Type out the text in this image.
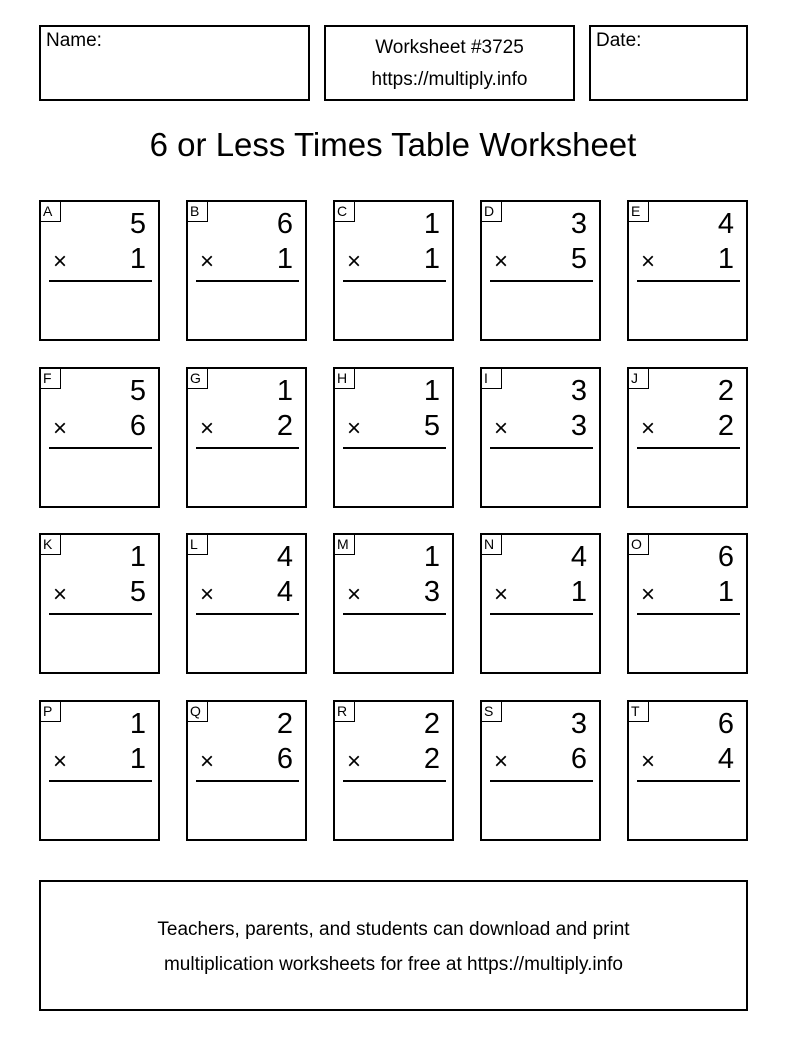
Name:	Worksheet #3725
https://multiply.info
Date:
6 or Less Times Table Worksheet
A	5
× 1
B	6
× 1
C	1
× 1
D	3
× 5
E	4
× 1
F	5
× 6
G	1
× 2
H	1
× 5
I	3
× 3
J	2
× 2
K	1
× 5
L	4
× 4
M	1
× 3
N	4
× 1
O	6
× 1
P	1
× 1
Q	2
× 6
R	2
× 2
S	3
× 6
T	6
× 4
Teachers, parents, and students can download and print
multiplication worksheets for free at https://multiply.info
